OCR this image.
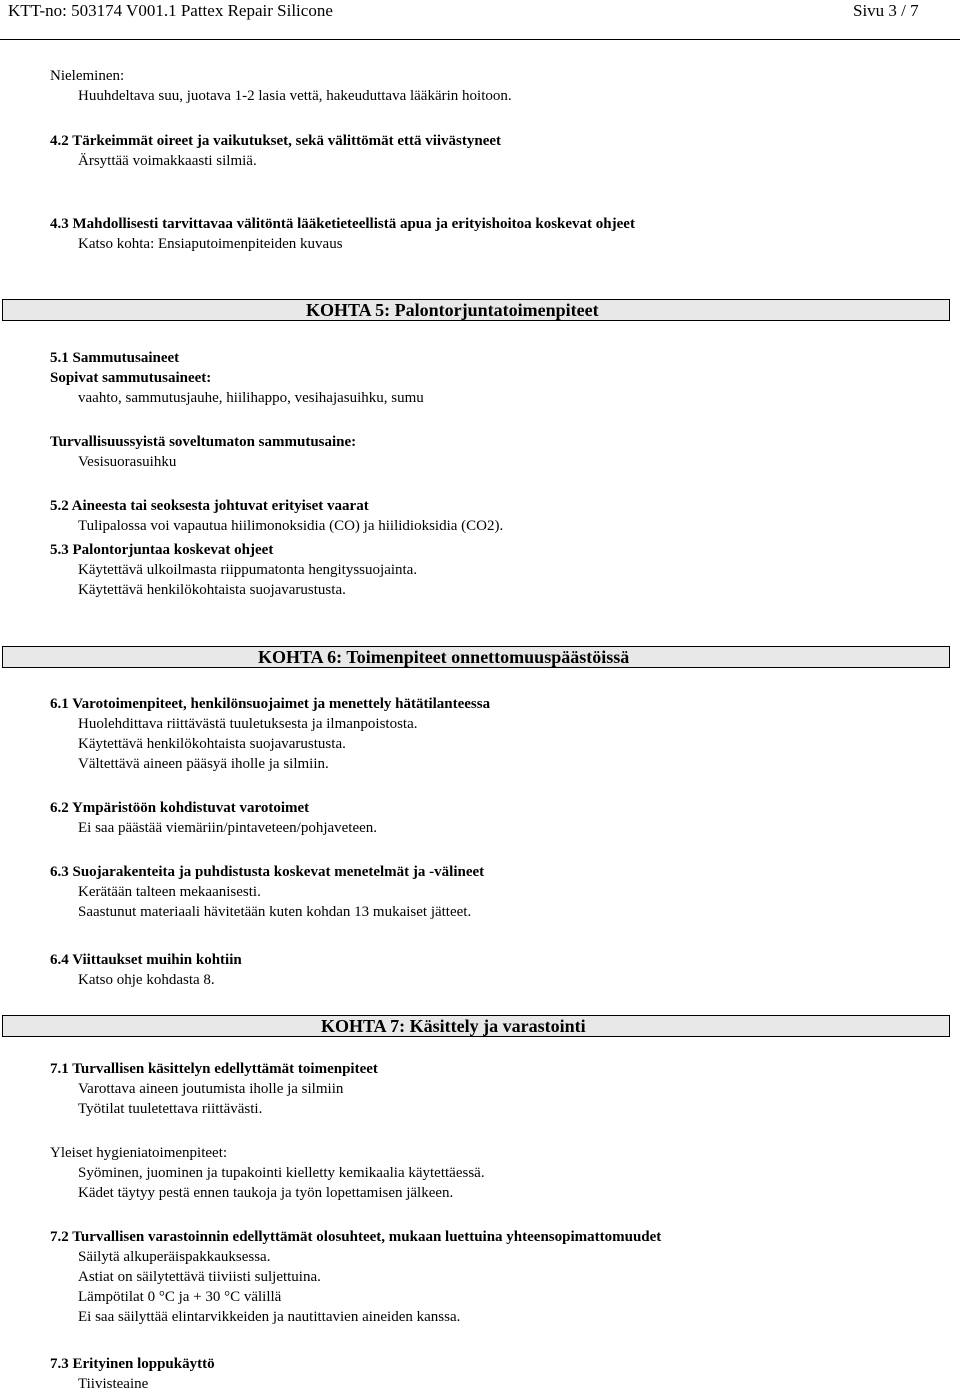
KTT-no: 503174 V001.1 Pattex Repair Silicone	Sivu 3 / 7
Nieleminen:
Huuhdeltava suu, juotava 1-2 lasia vettä, hakeuduttava lääkärin hoitoon.
4.2 Tärkeimmät oireet ja vaikutukset, sekä välittömät että viivästyneet
Ärsyttää voimakkaasti silmiä.
4.3 Mahdollisesti tarvittavaa välitöntä lääketieteellistä apua ja erityishoitoa koskevat ohjeet
Katso kohta: Ensiaputoimenpiteiden kuvaus
KOHTA 5: Palontorjuntatoimenpiteet
5.1 Sammutusaineet
Sopivat sammutusaineet:
vaahto, sammutusjauhe, hiilihappo, vesihajasuihku, sumu
Turvallisuussyistä soveltumaton sammutusaine:
Vesisuorasuihku
5.2 Aineesta tai seoksesta johtuvat erityiset vaarat
Tulipalossa voi vapautua hiilimonoksidia (CO) ja hiilidioksidia (CO2).
5.3 Palontorjuntaa koskevat ohjeet
Käytettävä ulkoilmasta riippumatonta hengityssuojainta.
Käytettävä henkilökohtaista suojavarustusta.
KOHTA 6: Toimenpiteet onnettomuuspäästöissä
6.1 Varotoimenpiteet, henkilönsuojaimet ja menettely hätätilanteessa
Huolehdittava riittävästä tuuletuksesta ja ilmanpoistosta.
Käytettävä henkilökohtaista suojavarustusta.
Vältettävä aineen pääsyä iholle ja silmiin.
6.2 Ympäristöön kohdistuvat varotoimet
Ei saa päästää viemäriin/pintaveteen/pohjaveteen.
6.3 Suojarakenteita ja puhdistusta koskevat menetelmät ja -välineet
Kerätään talteen mekaanisesti.
Saastunut materiaali hävitetään kuten kohdan 13 mukaiset jätteet.
6.4 Viittaukset muihin kohtiin
Katso ohje kohdasta 8.
KOHTA 7: Käsittely ja varastointi
7.1 Turvallisen käsittelyn edellyttämät toimenpiteet
Varottava aineen joutumista iholle ja silmiin
Työtilat tuuletettava riittävästi.
Yleiset hygieniatoimenpiteet:
Syöminen, juominen ja tupakointi kielletty kemikaalia käytettäessä.
Kädet täytyy pestä ennen taukoja ja työn lopettamisen jälkeen.
7.2 Turvallisen varastoinnin edellyttämät olosuhteet, mukaan luettuina yhteensopimattomuudet
Säilytä alkuperäispakkauksessa.
Astiat on säilytettävä tiiviisti suljettuina.
Lämpötilat 0 °C ja + 30 °C välillä
Ei saa säilyttää elintarvikkeiden ja nautittavien aineiden kanssa.
7.3 Erityinen loppukäyttö
Tiivisteaine
